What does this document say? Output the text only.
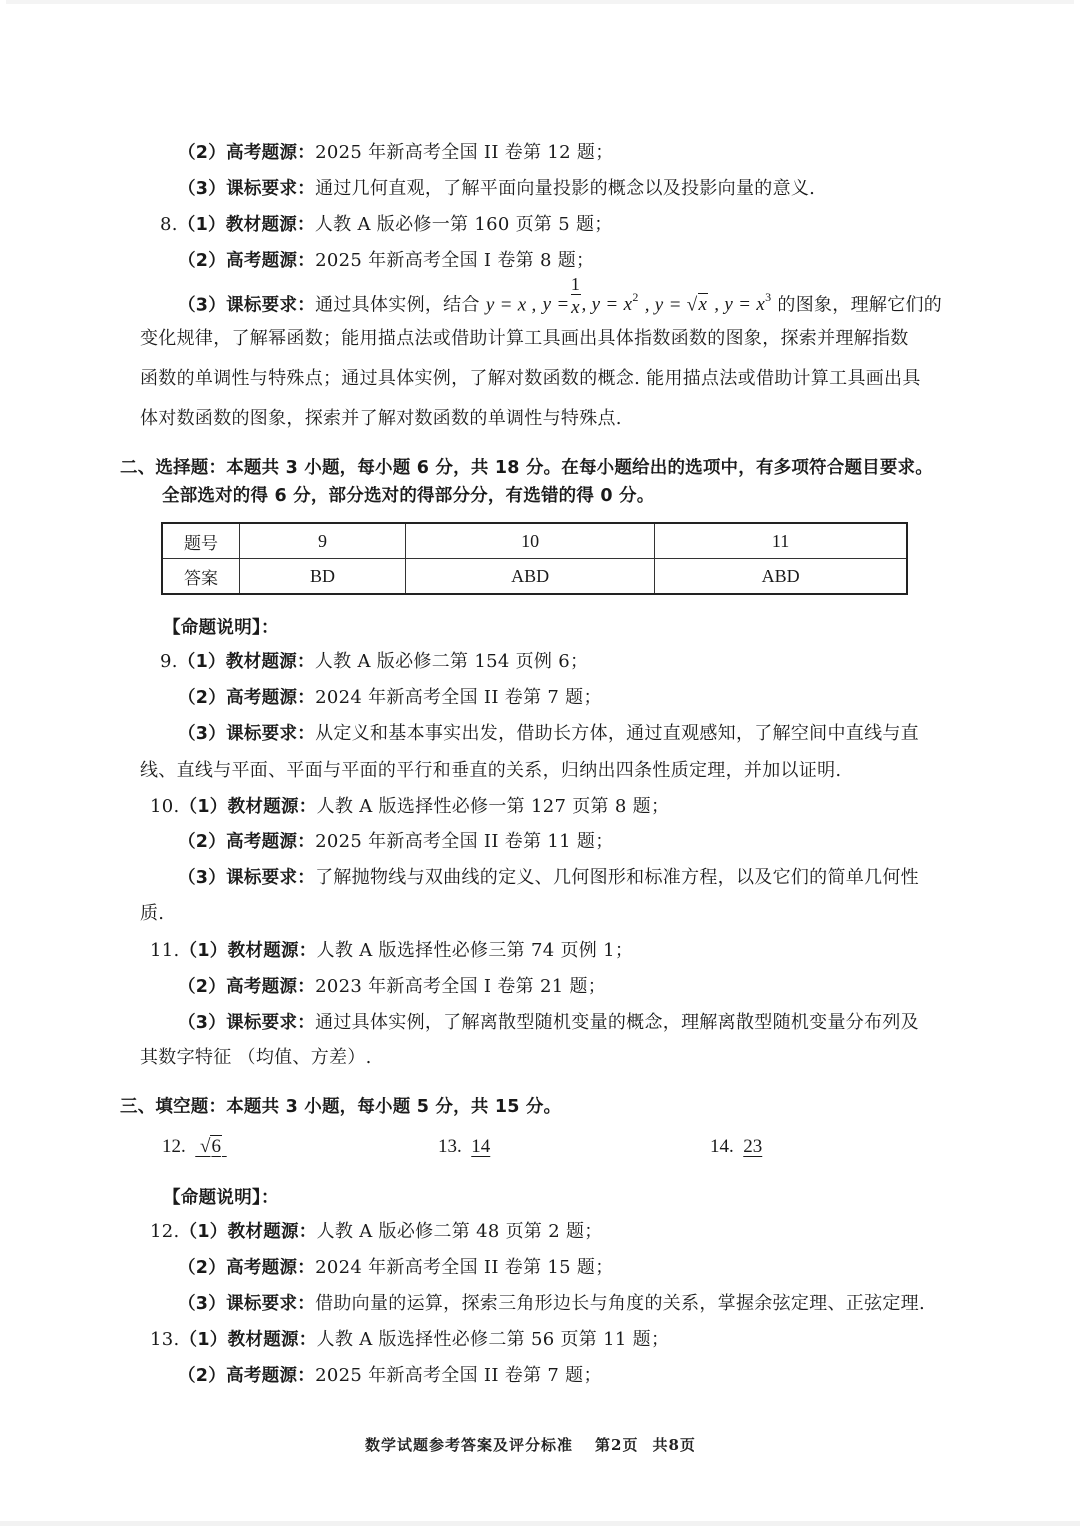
（2）高考题源：2025 年新高考全国 II 卷第 12 题；
（3）课标要求：通过几何直观，了解平面向量投影的概念以及投影向量的意义.
8.（1）教材题源：人教 A 版必修一第 160 页第 5 题；
（2）高考题源：2025 年新高考全国 I 卷第 8 题；
（3）课标要求：通过具体实例，结合 y = x , $y = \frac{1}{x}$ , $y = x^2$ , y = √x , $y = x^3$ 的图象，理解它们的
变化规律，了解幂函数；能用描点法或借助计算工具画出具体指数函数的图象，探索并理解指数
函数的单调性与特殊点；通过具体实例，了解对数函数的概念. 能用描点法或借助计算工具画出具
体对数函数的图象，探索并了解对数函数的单调性与特殊点.
二、选择题：本题共 3 小题，每小题 6 分，共 18 分。在每小题给出的选项中，有多项符合题目要求。
全部选对的得 6 分，部分选对的得部分分，有选错的得 0 分。
题号	9	10	11
答案	BD	ABD	ABD
【命题说明】：
9.（1）教材题源：人教 A 版必修二第 154 页例 6；
（2）高考题源：2024 年新高考全国 II 卷第 7 题；
（3）课标要求：从定义和基本事实出发，借助长方体，通过直观感知，了解空间中直线与直
线、直线与平面、平面与平面的平行和垂直的关系，归纳出四条性质定理，并加以证明.
10.（1）教材题源：人教 A 版选择性必修一第 127 页第 8 题；
（2）高考题源：2025 年新高考全国 II 卷第 11 题；
（3）课标要求：了解抛物线与双曲线的定义、几何图形和标准方程，以及它们的简单几何性
质.
11.（1）教材题源：人教 A 版选择性必修三第 74 页例 1；
（2）高考题源：2023 年新高考全国 I 卷第 21 题；
（3）课标要求：通过具体实例，了解离散型随机变量的概念，理解离散型随机变量分布列及
其数字特征 （均值、方差）.
三、填空题：本题共 3 小题，每小题 5 分，共 15 分。
12. √6	13. 14	14. 23
【命题说明】：
12.（1）教材题源：人教 A 版必修二第 48 页第 2 题；
（2）高考题源：2024 年新高考全国 II 卷第 15 题；
（3）课标要求：借助向量的运算，探索三角形边长与角度的关系，掌握余弦定理、正弦定理.
13.（1）教材题源：人教 A 版选择性必修二第 56 页第 11 题；
（2）高考题源：2025 年新高考全国 II 卷第 7 题；
数学试题参考答案及评分标准 第2页 共8页
